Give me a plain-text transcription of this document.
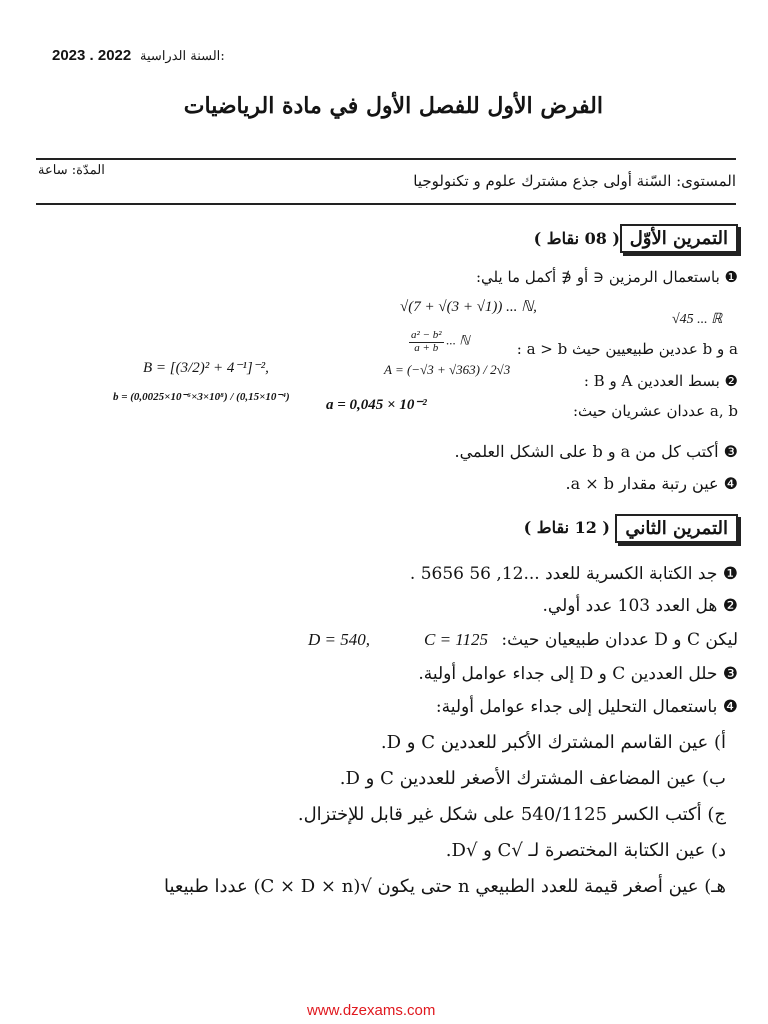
2023 . 2022 السنة الدراسية:
الفرض الأول للفصل الأول في مادة الرياضيات
المستوى: السّنة أولى جذع مشترك علوم و تكنولوجيا
المدّة: ساعة
التمرين الأوّل
( 08 نقاط )
❶ باستعمال الرمزين ∈ أو ∉ أكمل ما يلي:
√(7 + √(3 + √1)) ... ℕ,
√45 ... ℝ
$\frac{\text{a² − b²}}{a + b}$ ... ℕ	a و b عددين طبيعيين حيث a > b :
❷ بسط العددين A و B :
A = (−√3 + √363) / 2√3
B = [(3/2)² + 4⁻¹]⁻²,
a, b عددان عشريان حيث:
a = 0,045 × 10⁻²
b = (0,0025×10⁻⁶×3×10⁸) / (0,15×10⁻⁴)
❸ أكتب كل من a و b على الشكل العلمي.
❹ عين رتبة مقدار a × b.
التمرين الثاني
( 12 نقاط )
❶ جد الكتابة الكسرية للعدد ...12, 56 5656 .
❷ هل العدد 103 عدد أولي.
ليكن C و D عددان طبيعيان حيث:
C = 1125
D = 540,
❸ حلل العددين C و D إلى جداء عوامل أولية.
❹ باستعمال التحليل إلى جداء عوامل أولية:
أ) عين القاسم المشترك الأكبر للعددين C و D.
ب) عين المضاعف المشترك الأصغر للعددين C و D.
ج) أكتب الكسر 540/1125 على شكل غير قابل للإختزال.
د) عين الكتابة المختصرة لـ √C و √D.
هـ) عين أصغر قيمة للعدد الطبيعي n حتى يكون √(C × D × n) عددا طبيعيا
www.dzexams.com
